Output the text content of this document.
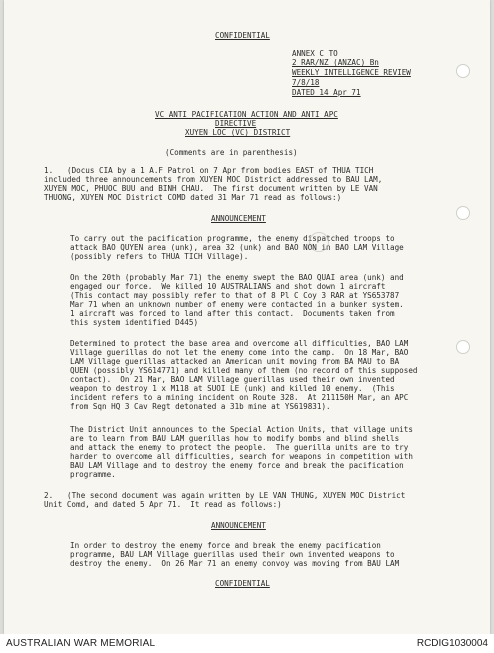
CONFIDENTIAL
ANNEX C TO
2 RAR/NZ (ANZAC) Bn
WEEKLY INTELLIGENCE REVIEW
7/8/18
DATED 14 Apr 71
VC ANTI PACIFICATION ACTION AND ANTI APC
DIRECTIVE
XUYEN LOC (VC) DISTRICT
(Comments are in parenthesis)
1. (Docus CIA by a 1 A.F Patrol on 7 Apr from bodies EAST of THUA TICH
included three announcements from XUYEN MOC District addressed to BAU LAM,
XUYEN MOC, PHUOC BUU and BINH CHAU.  The first document written by LE VAN
THUONG, XUYEN MOC District COMD dated 31 Mar 71 read as follows:)
ANNOUNCEMENT
To carry out the pacification programme, the enemy dispatched troops to
attack BAO QUYEN area (unk), area 32 (unk) and BAO NON in BAO LAM Village
(possibly refers to THUA TICH Village).
On the 20th (probably Mar 71) the enemy swept the BAO QUAI area (unk) and
engaged our force.  We killed 10 AUSTRALIANS and shot down 1 aircraft
(This contact may possibly refer to that of 8 Pl C Coy 3 RAR at YS653787
Mar 71 when an unknown number of enemy were contacted in a bunker system.
1 aircraft was forced to land after this contact.  Documents taken from
this system identified D445)
Determined to protect the base area and overcome all difficulties, BAO LAM
Village guerillas do not let the enemy come into the camp.  On 18 Mar, BAO
LAM Village guerillas attacked an American unit moving from BA MAU to BA
QUEN (possibly YS614771) and killed many of them (no record of this supposed
contact).  On 21 Mar, BAO LAM Village guerillas used their own invented
weapon to destroy 1 x M118 at SUOI LE (unk) and killed 10 enemy.  (This
incident refers to a mining incident on Route 328.  At 211150H Mar, an APC
from Sqn HQ 3 Cav Regt detonated a 31b mine at YS619831).
The District Unit announces to the Special Action Units, that village units
are to learn from BAU LAM guerillas how to modify bombs and blind shells
and attack the enemy to protect the people.  The guerilla units are to try
harder to overcome all difficulties, search for weapons in competition with
BAU LAM Village and to destroy the enemy force and break the pacification
programme.
2. (The second document was again written by LE VAN THUNG, XUYEN MOC District
Unit Comd, and dated 5 Apr 71.  It read as follows:)
ANNOUNCEMENT
In order to destroy the enemy force and break the enemy pacification
programme, BAU LAM Village guerillas used their own invented weapons to
destroy the enemy.  On 26 Mar 71 an enemy convoy was moving from BAU LAM
CONFIDENTIAL
AUSTRALIAN WAR MEMORIAL	RCDIG1030004
